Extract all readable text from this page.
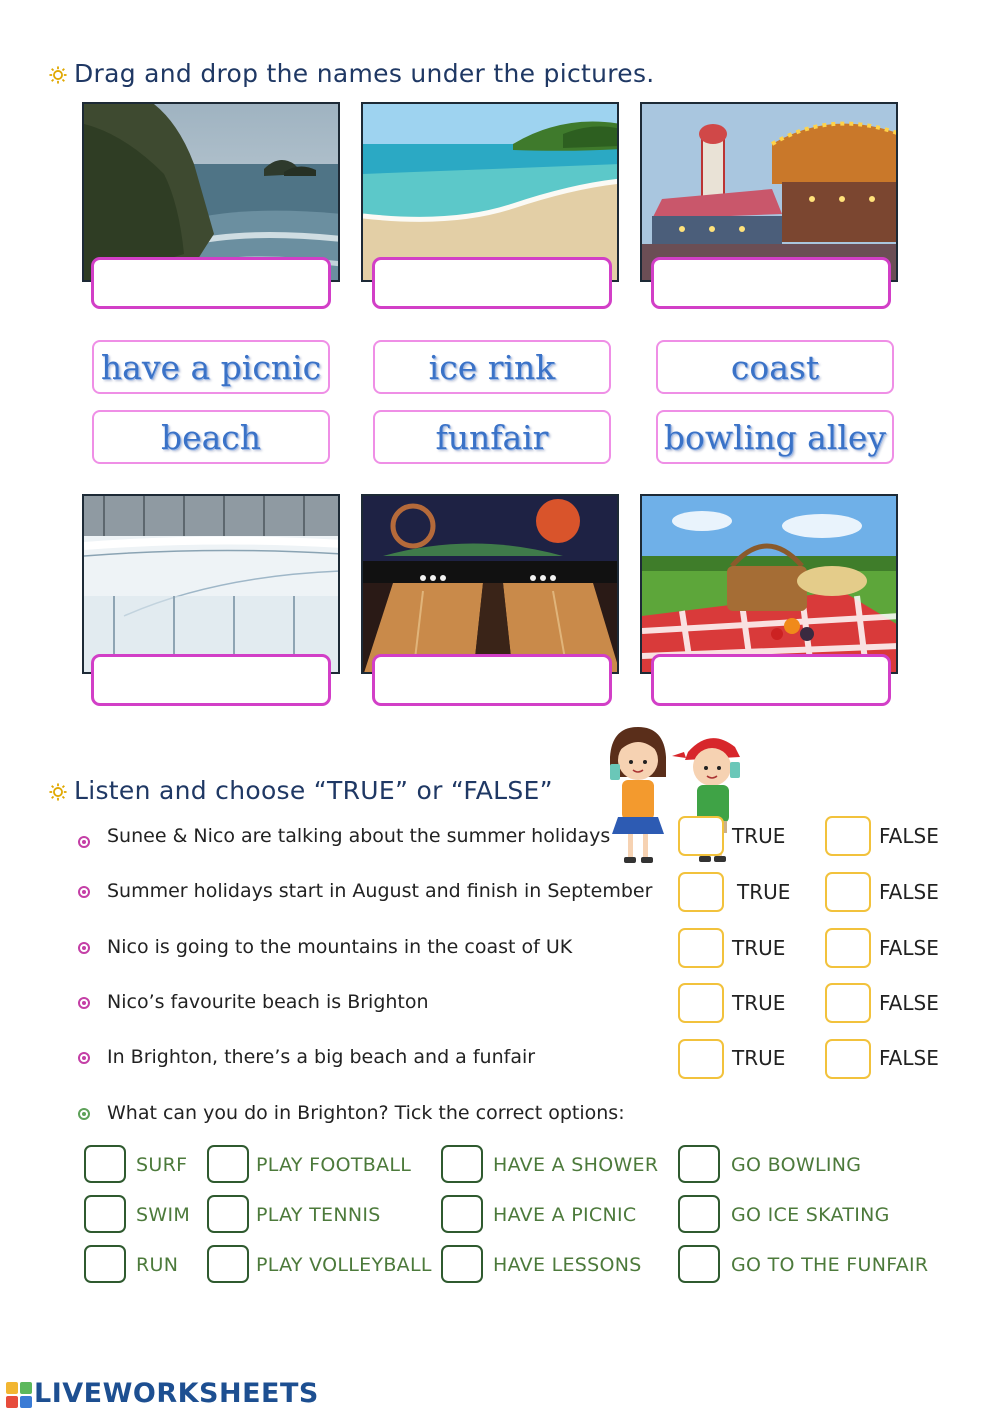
Drag and drop the names under the pictures.
have a picnic	ice rink	coast
beach	funfair	bowling alley
Listen and choose “TRUE” or “FALSE”
Sunee & Nico are talking about the summer holidays	TRUE	FALSE
Summer holidays start in August and finish in September	TRUE	FALSE
Nico is going to the mountains in the coast of UK	TRUE	FALSE
Nico’s favourite beach is Brighton	TRUE	FALSE
In Brighton, there’s a big beach and a funfair	TRUE	FALSE
What can you do in Brighton? Tick the correct options:
SURF	PLAY FOOTBALL	HAVE A SHOWER	GO BOWLING
SWIM	PLAY TENNIS	HAVE A PICNIC	GO ICE SKATING
RUN	PLAY VOLLEYBALL	HAVE LESSONS	GO TO THE FUNFAIR
LIVEWORKSHEETS
